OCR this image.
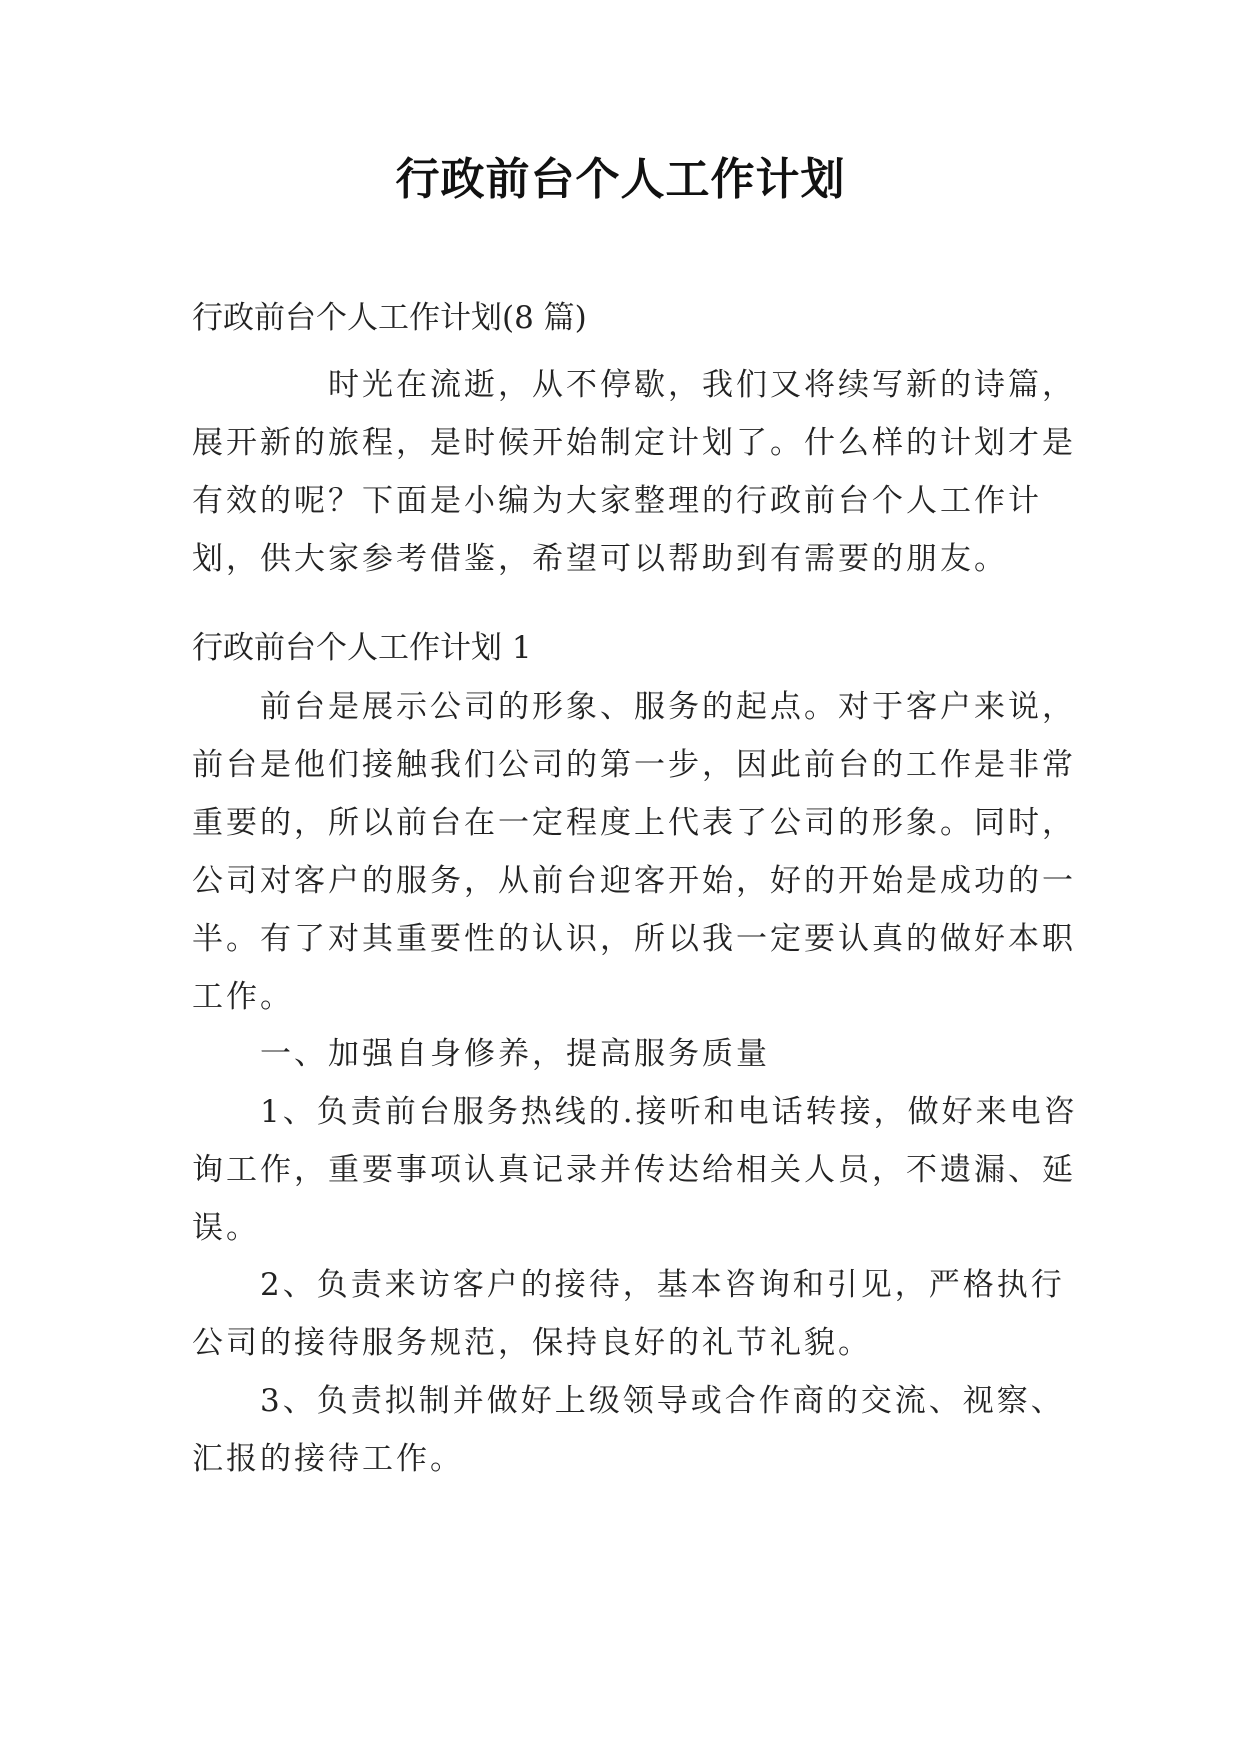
行政前台个人工作计划
行政前台个人工作计划(8 篇)
时光在流逝，从不停歇，我们又将续写新的诗篇，
展开新的旅程，是时候开始制定计划了。什么样的计划才是
有效的呢？下面是小编为大家整理的行政前台个人工作计
划，供大家参考借鉴，希望可以帮助到有需要的朋友。
行政前台个人工作计划 1
前台是展示公司的形象、服务的起点。对于客户来说，
前台是他们接触我们公司的第一步，因此前台的工作是非常
重要的，所以前台在一定程度上代表了公司的形象。同时，
公司对客户的服务，从前台迎客开始，好的开始是成功的一
半。有了对其重要性的认识，所以我一定要认真的做好本职
工作。
一、加强自身修养，提高服务质量
1、负责前台服务热线的.接听和电话转接，做好来电咨
询工作，重要事项认真记录并传达给相关人员，不遗漏、延
误。
2、负责来访客户的接待，基本咨询和引见，严格执行
公司的接待服务规范，保持良好的礼节礼貌。
3、负责拟制并做好上级领导或合作商的交流、视察、
汇报的接待工作。
